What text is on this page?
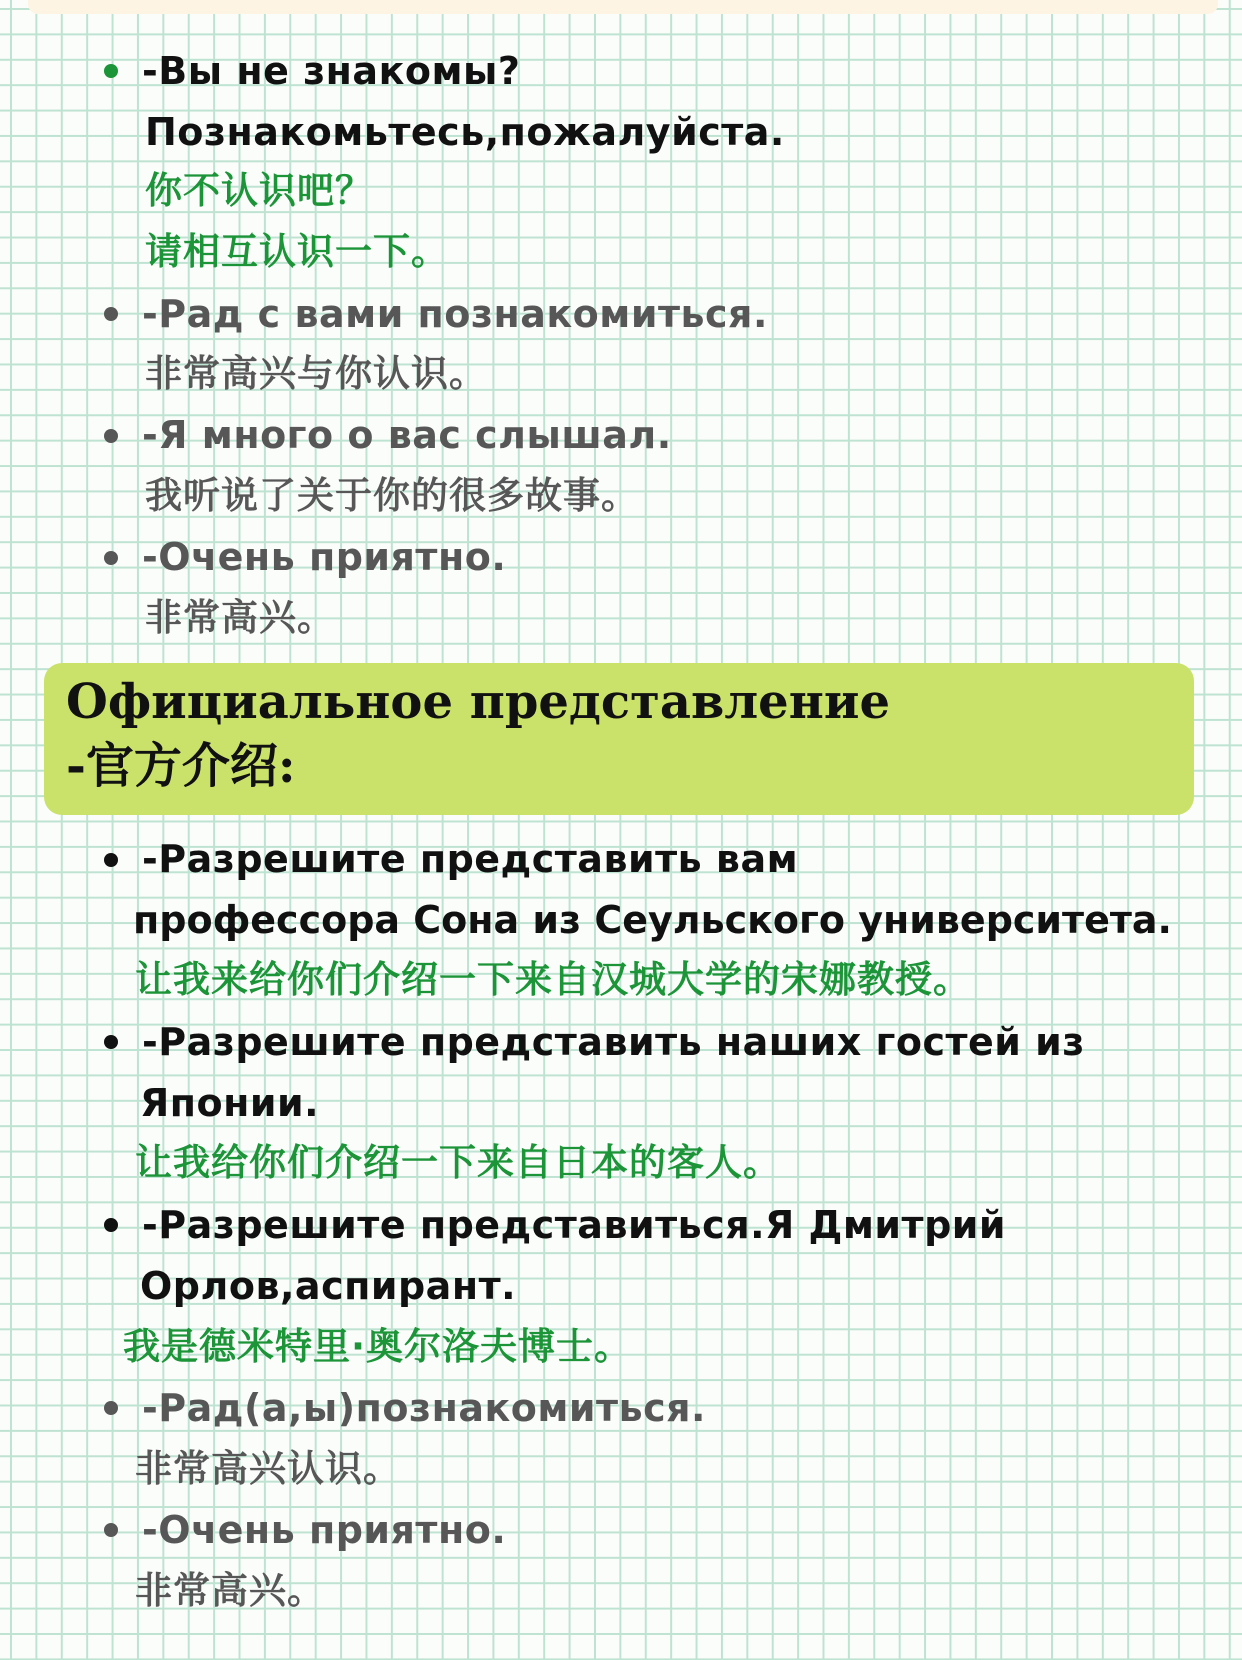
-Вы не знакомы?
Познакомьтесь,пожалуйста.
你不认识吧？
请相互认识一下。
-Рад с вами познакомиться.
非常高兴与你认识。
-Я много о вас слышал.
我听说了关于你的很多故事。
-Очень приятно.
非常高兴。
Официальное представление
-官方介绍:
-Разрешите представить вам
профессора Сона из Сеульского университета.
让我来给你们介绍一下来自汉城大学的宋娜教授。
-Разрешите представить наших гостей из
Японии.
让我给你们介绍一下来自日本的客人。
-Разрешите представиться.Я Дмитрий
Орлов,аспирант.
我是德米特里·奥尔洛夫博士。
-Рад(а,ы)познакомиться.
非常高兴认识。
-Очень приятно.
非常高兴。
